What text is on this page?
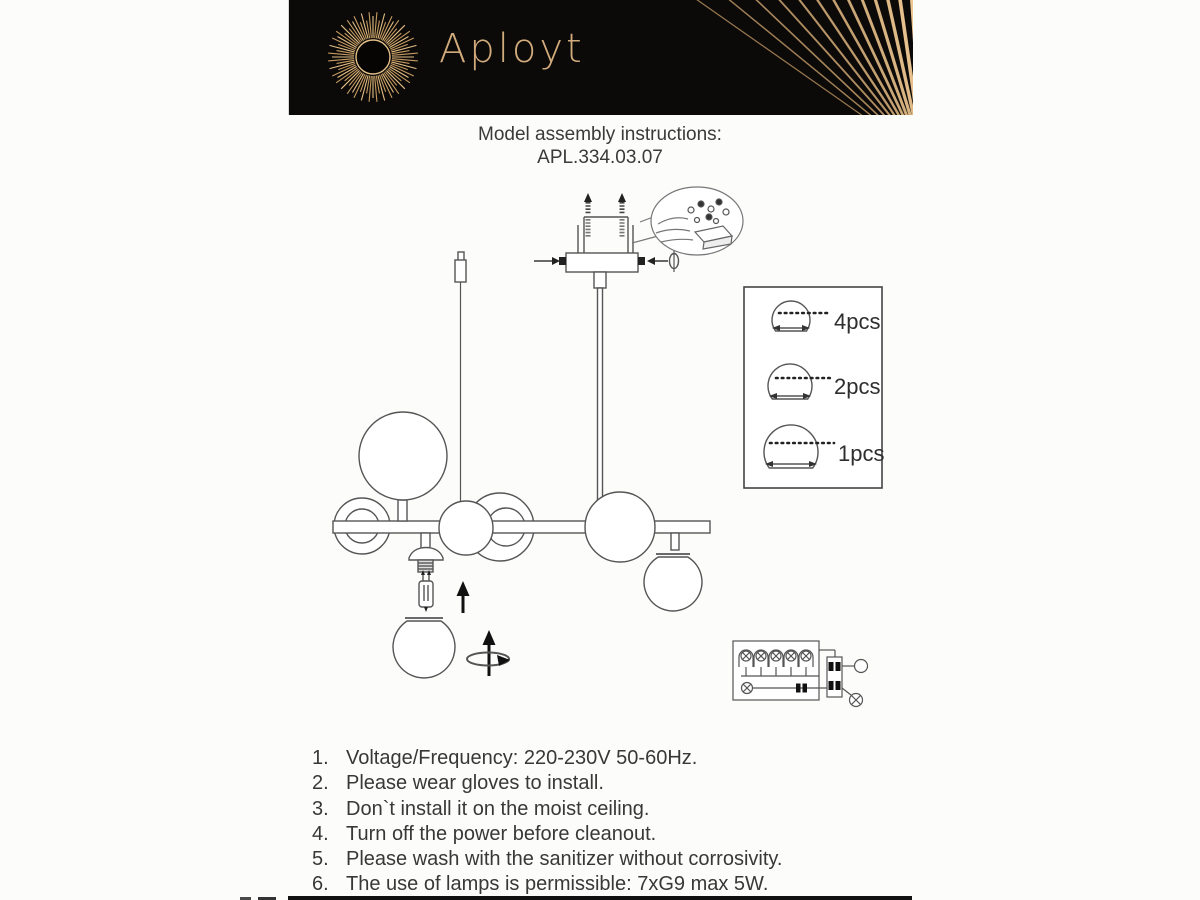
4pcs
2pcs
1pcs
Aployt
Model assembly instructions:
APL.334.03.07
1. Voltage/Frequency: 220-230V 50-60Hz.
2. Please wear gloves to install.
3. Don`t install it on the moist ceiling.
4. Turn off the power before cleanout.
5. Please wash with the sanitizer without corrosivity.
6. The use of lamps is permissible: 7xG9 max 5W.
